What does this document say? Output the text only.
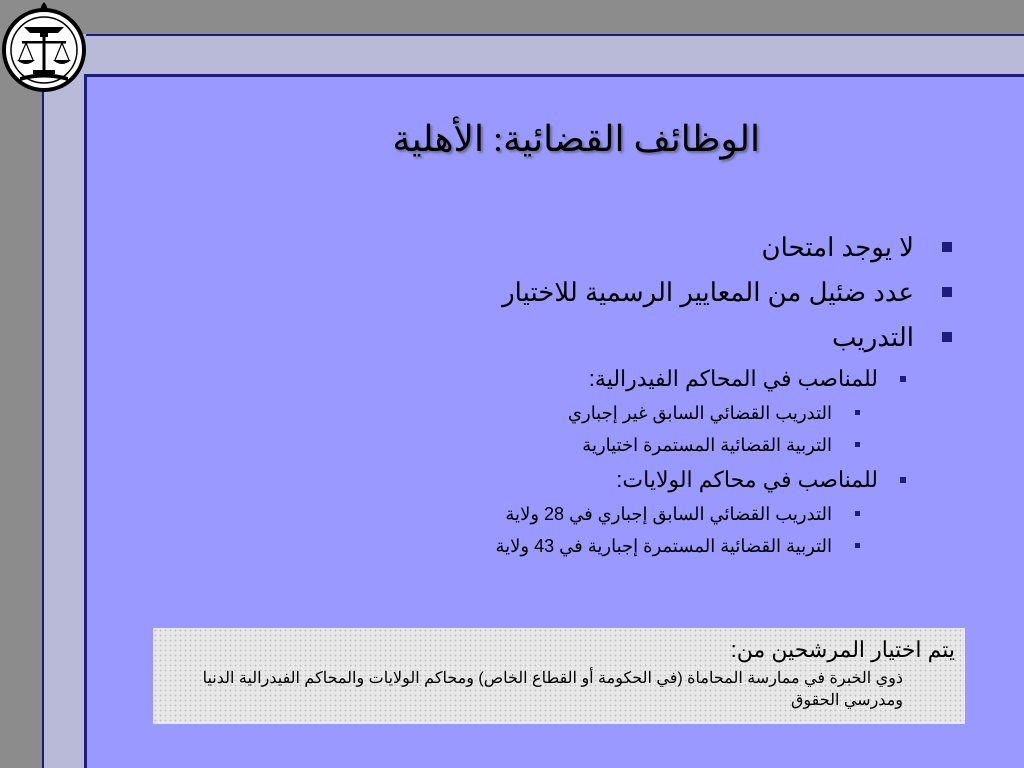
الوظائف القضائية: الأهلية
لا يوجد امتحان
عدد ضئيل من المعايير الرسمية للاختيار
التدريب
للمناصب في المحاكم الفيدرالية:
التدريب القضائي السابق غير إجباري
التربية القضائية المستمرة اختيارية
للمناصب في محاكم الولايات:
التدريب القضائي السابق إجباري في 28 ولاية
التربية القضائية المستمرة إجبارية في 43 ولاية
يتم اختيار المرشحين من:
ذوي الخبرة في ممارسة المحاماة (في الحكومة أو القطاع الخاص) ومحاكم الولايات والمحاكم الفيدرالية الدنيا ومدرسي الحقوق
